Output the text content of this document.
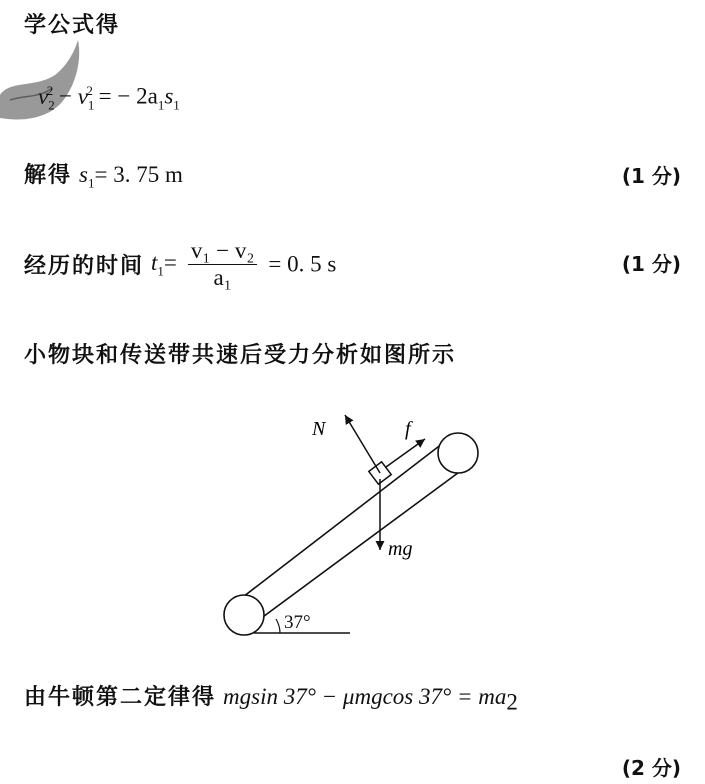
学公式得
$v_2^2 - v_1^2$ = − $2a_1s_1$
解得 $s_1= 3$. 75 m	(1 分)
经历的时间 $t_1= \frac{\text{v₁ − v₂}}{\text{a₁}} = 0$. 5 s	(1 分)
小物块和传送带共速后受力分析如图所示
37°
N	f
mg
由牛顿第二定律得 mgsin 37° − μmgcos $37^\circ = ma_2$
(2 分)
